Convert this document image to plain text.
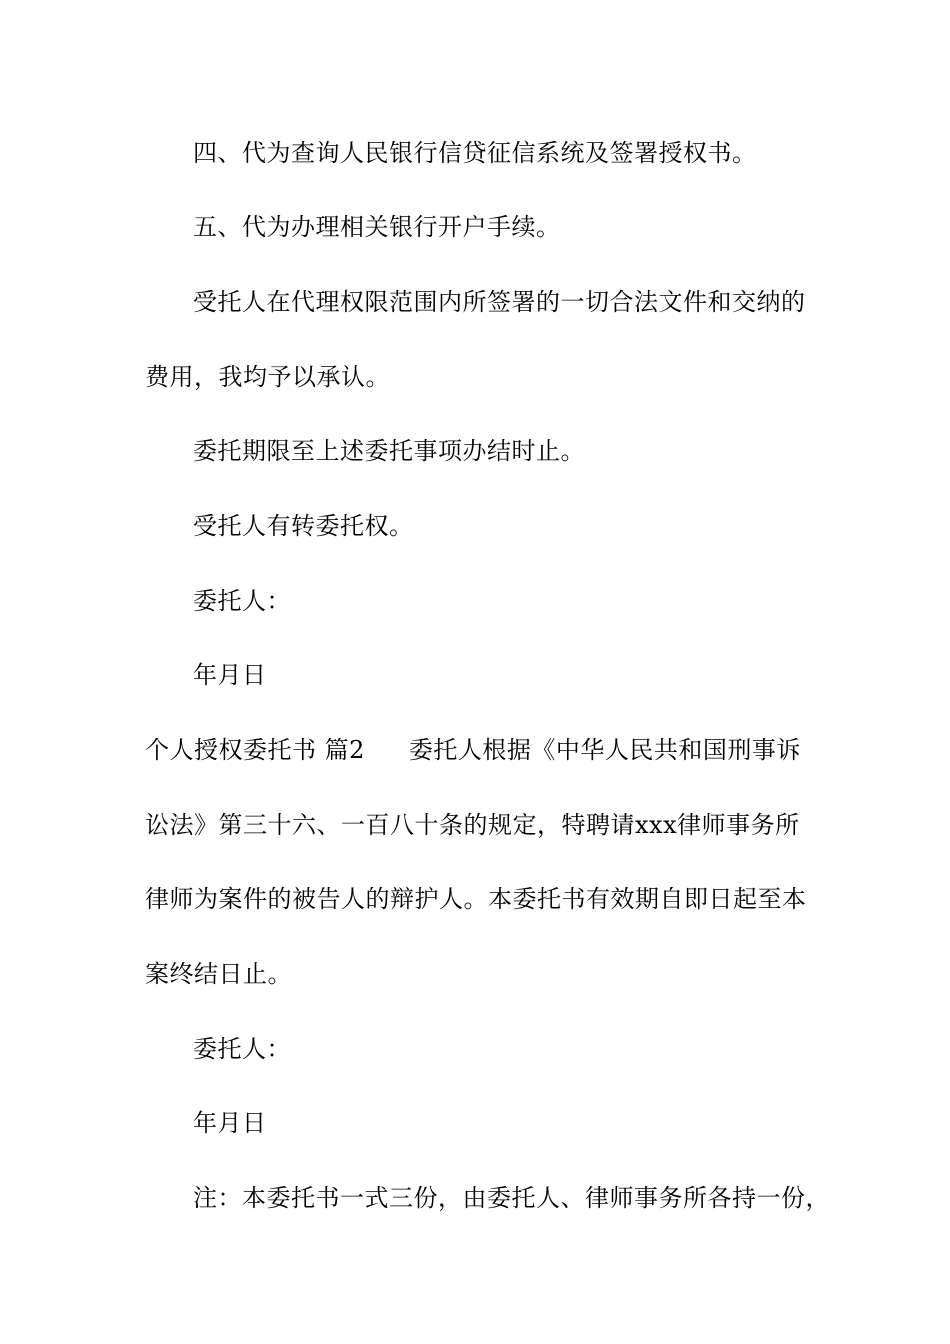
四、代为查询人民银行信贷征信系统及签署授权书。
五、代为办理相关银行开户手续。
受托人在代理权限范围内所签署的一切合法文件和交纳的
费用，我均予以承认。
委托期限至上述委托事项办结时止。
受托人有转委托权。
委托人：
年月日
个人授权委托书 篇2 委托人根据《中华人民共和国刑事诉
讼法》第三十六、一百八十条的规定，特聘请xxx律师事务所
律师为案件的被告人的辩护人。本委托书有效期自即日起至本
案终结日止。
委托人：
年月日
注：本委托书一式三份，由委托人、律师事务所各持一份，
